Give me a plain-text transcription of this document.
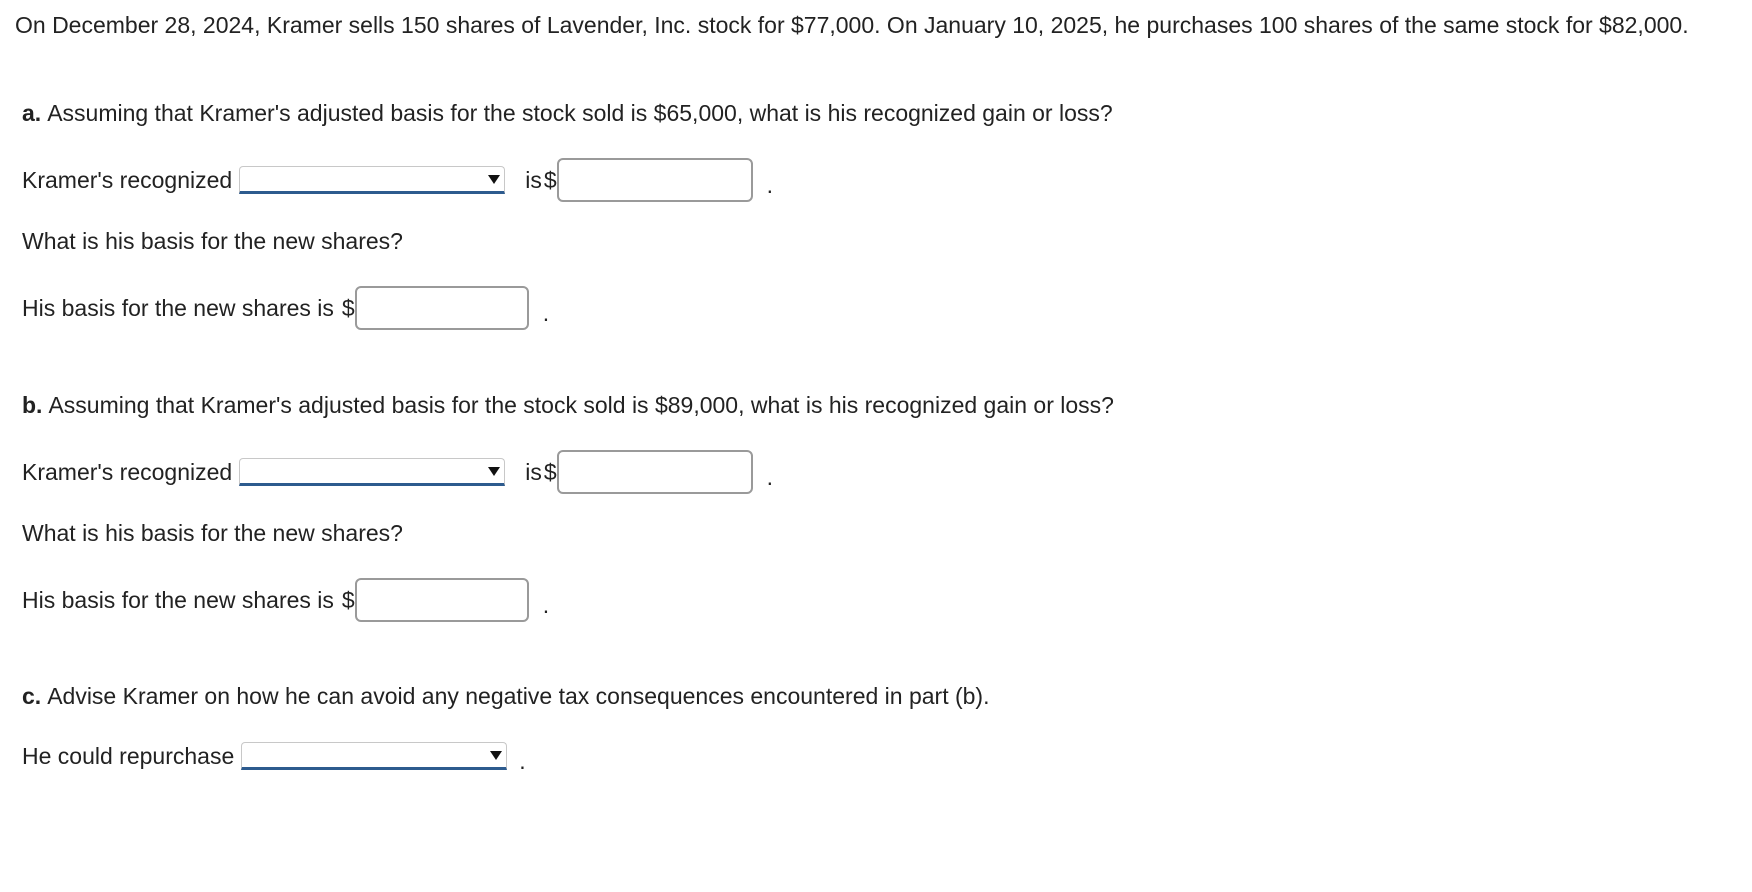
On December 28, 2024, Kramer sells 150 shares of Lavender, Inc. stock for $77,000. On January 10, 2025, he purchases 100 shares of the same stock for $82,000.
a. Assuming that Kramer's adjusted basis for the stock sold is $65,000, what is his recognized gain or loss?
Kramer's recognized	is $	.
What is his basis for the new shares?
His basis for the new shares is $	.
b. Assuming that Kramer's adjusted basis for the stock sold is $89,000, what is his recognized gain or loss?
Kramer's recognized	is $	.
What is his basis for the new shares?
His basis for the new shares is $	.
c. Advise Kramer on how he can avoid any negative tax consequences encountered in part (b).
He could repurchase	.
